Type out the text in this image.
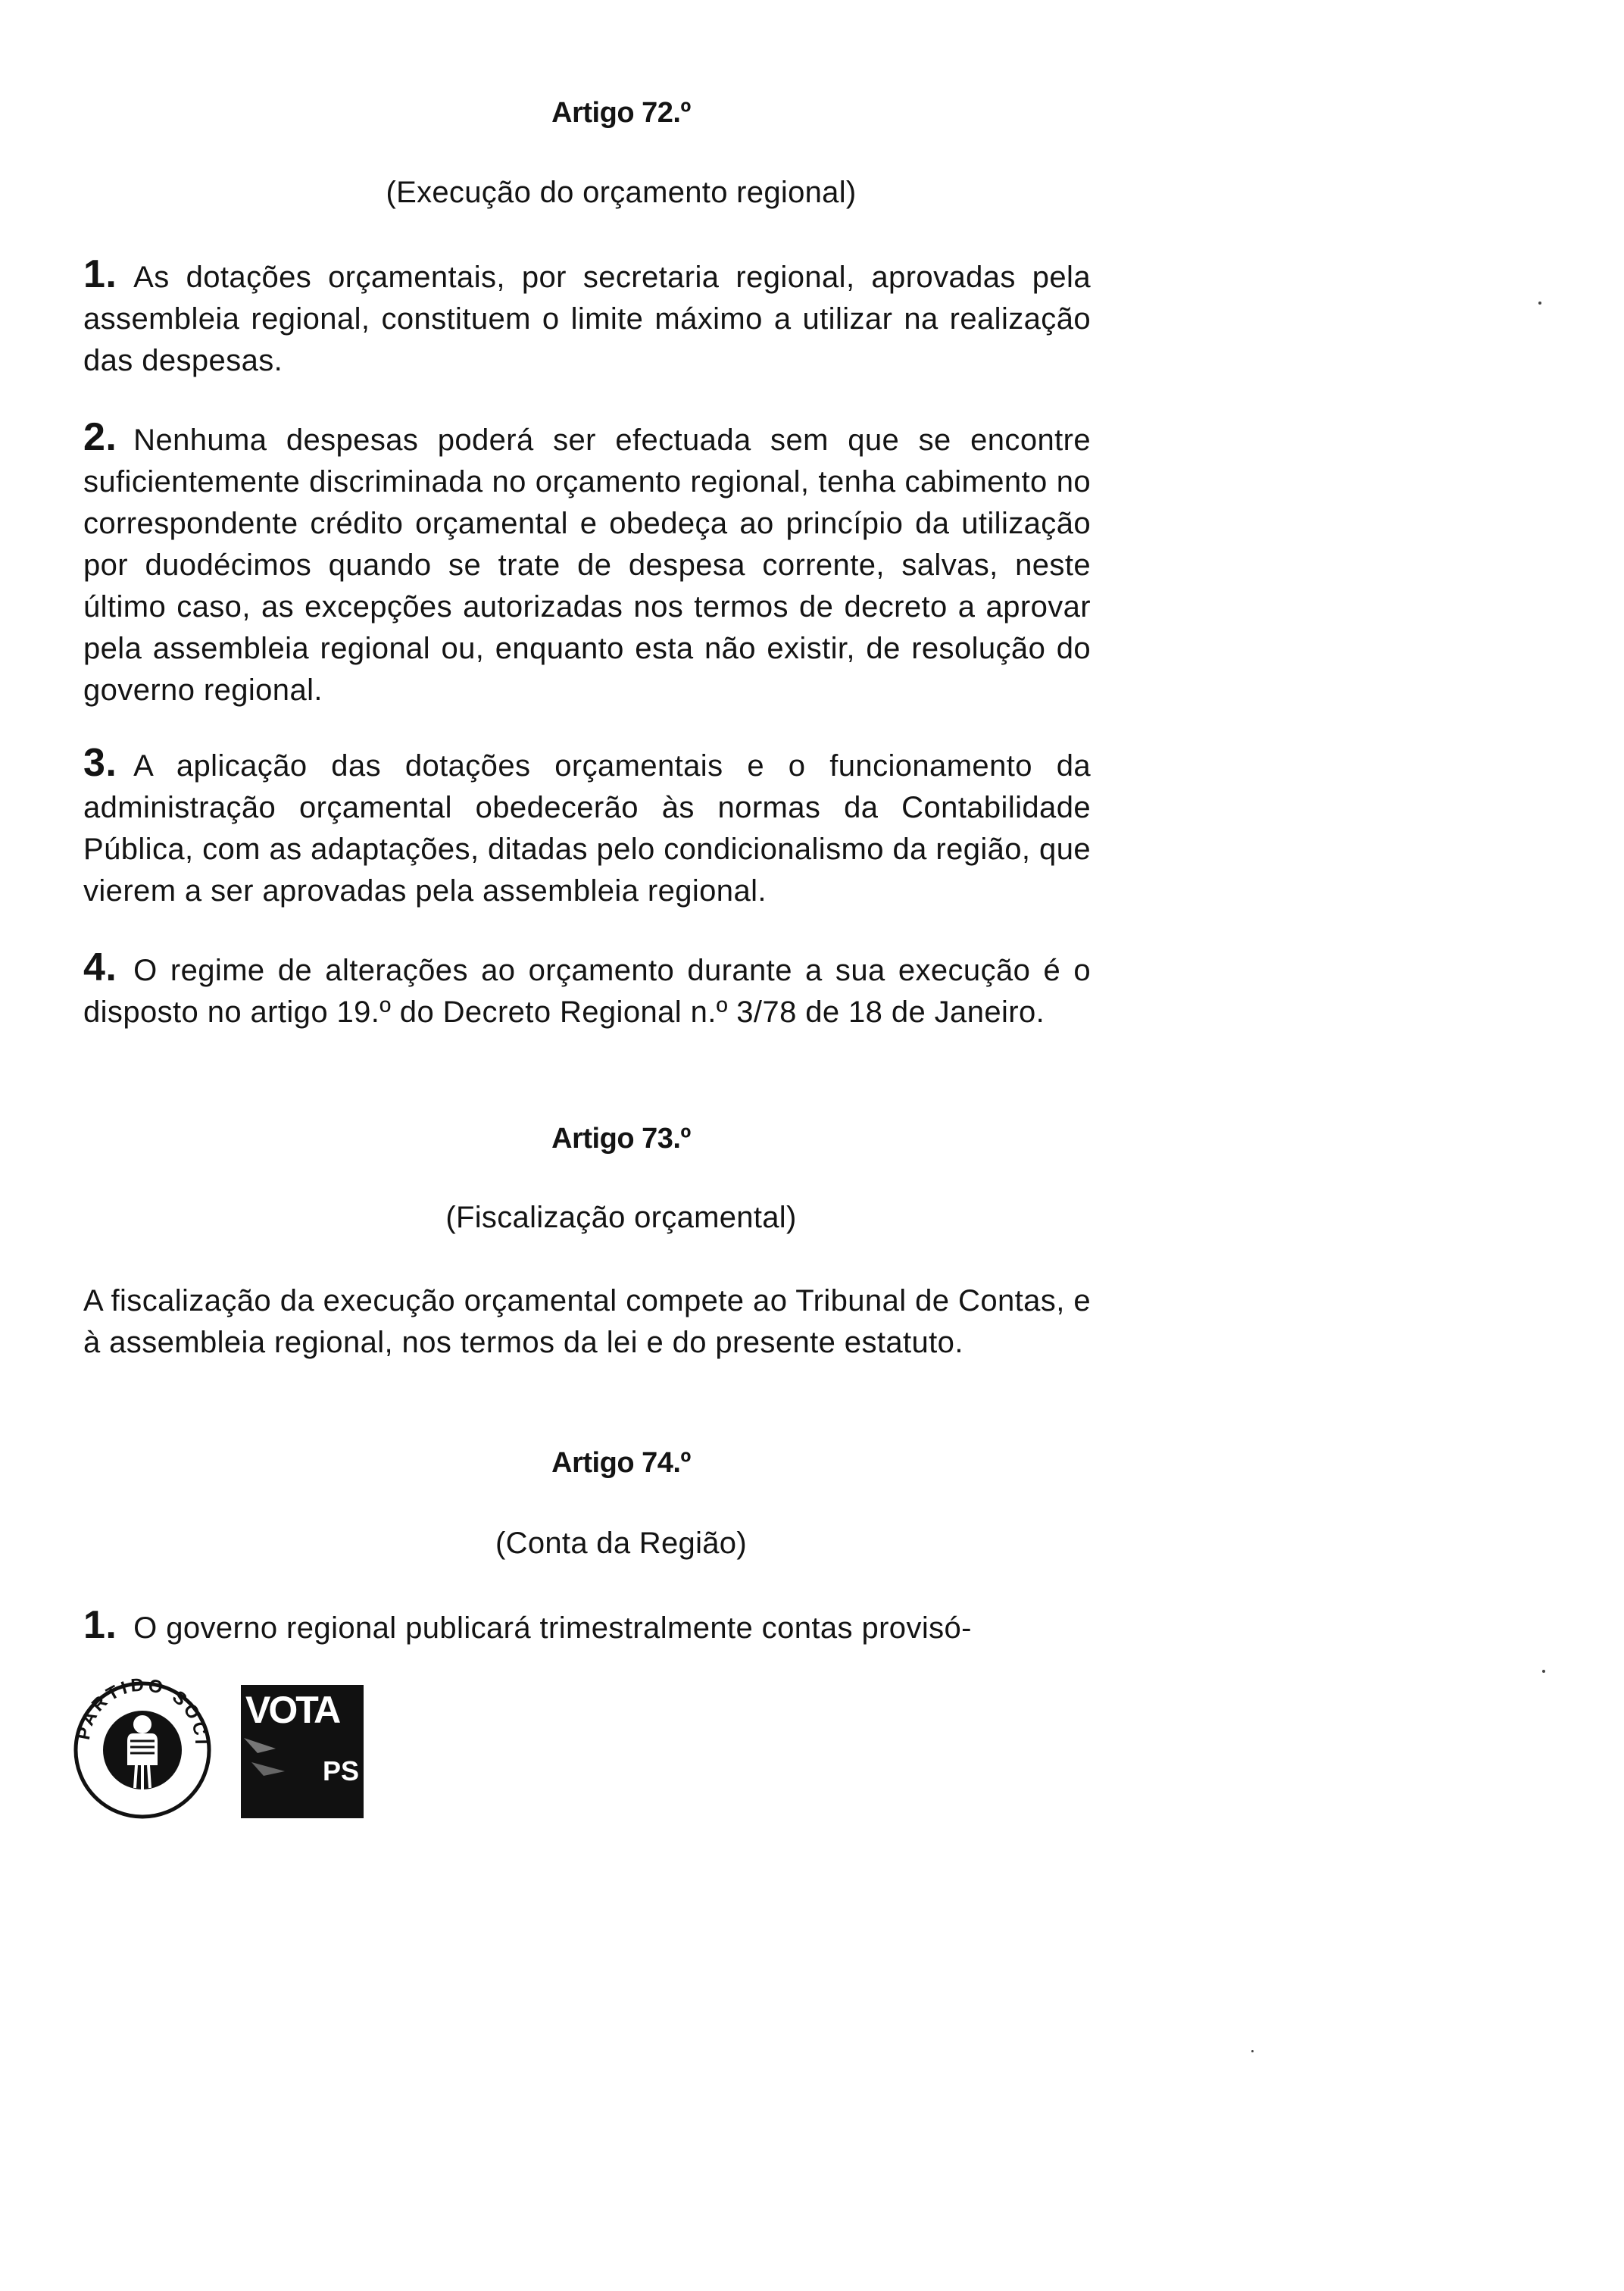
Artigo 72.º
(Execução do orçamento regional)
1. As dotações orçamentais, por secretaria regional, aprovadas pela assembleia regional, constituem o limite máximo a utilizar na realização das despesas.
2. Nenhuma despesas poderá ser efectuada sem que se encontre suficientemente discriminada no orçamento regional, tenha cabimento no correspondente crédito orçamental e obedeça ao princípio da utilização por duodécimos quando se trate de despesa corrente, salvas, neste último caso, as excepções autorizadas nos termos de decreto a aprovar pela assembleia regional ou, enquanto esta não existir, de resolução do governo regional.
3. A aplicação das dotações orçamentais e o funcionamento da administração orçamental obedecerão às normas da Contabilidade Pública, com as adaptações, ditadas pelo condicionalismo da região, que vierem a ser aprovadas pela assembleia regional.
4. O regime de alterações ao orçamento durante a sua execução é o disposto no artigo 19.º do Decreto Regional n.º 3/78 de 18 de Janeiro.
Artigo 73.º
(Fiscalização orçamental)
A fiscalização da execução orçamental compete ao Tribunal de Contas, e à assembleia regional, nos termos da lei e do presente estatuto.
Artigo 74.º
(Conta da Região)
1. O governo regional publicará trimestralmente contas provisó-
PARTIDO SOCI
VOTA
PS
